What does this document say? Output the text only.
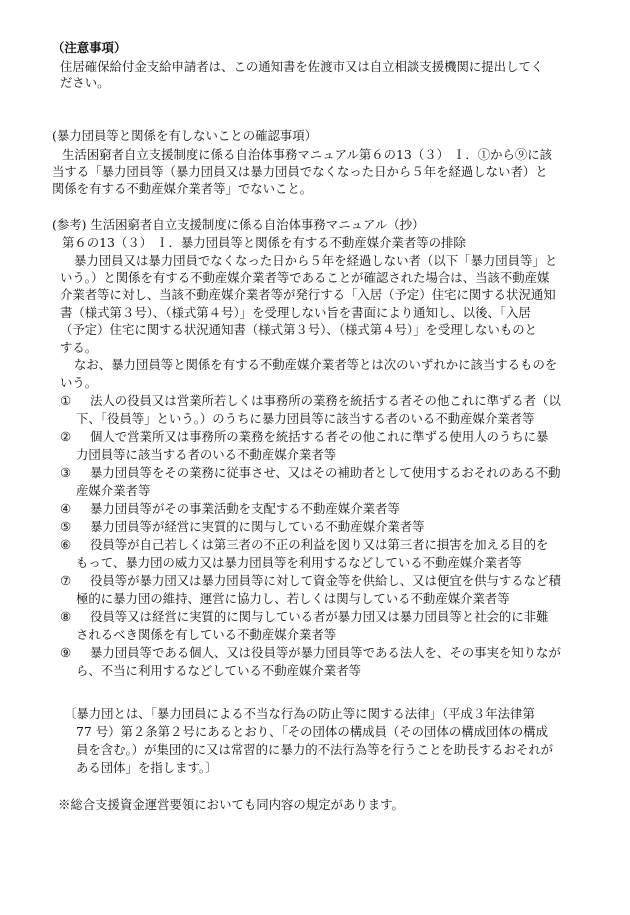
（注意事項）
住居確保給付金支給申請者は、この通知書を佐渡市又は自立相談支援機関に提出してく
ださい。
(暴力団員等と関係を有しないことの確認事項）
生活困窮者自立支援制度に係る自治体事務マニュアル第６の13（３） Ｉ．①から⑨に該
当する「暴力団員等（暴力団員又は暴力団員でなくなった日から５年を経過しない者）と
関係を有する不動産媒介業者等」でないこと。
(参考) 生活困窮者自立支援制度に係る自治体事務マニュアル（抄）
第６の13（３） Ｉ．暴力団員等と関係を有する不動産媒介業者等の排除
暴力団員又は暴力団員でなくなった日から５年を経過しない者（以下「暴力団員等」と
いう。）と関係を有する不動産媒介業者等であることが確認された場合は、当該不動産媒
介業者等に対し、当該不動産媒介業者等が発行する「入居（予定）住宅に関する状況通知
書（様式第３号）、（様式第４号）」を受理しない旨を書面により通知し、以後、「入居
（予定）住宅に関する状況通知書（様式第３号）、（様式第４号）」を受理しないものと
する。
なお、暴力団員等と関係を有する不動産媒介業者等とは次のいずれかに該当するものを
いう。
① 法人の役員又は営業所若しくは事務所の業務を統括する者その他これに準ずる者（以
下、「役員等」という。）のうちに暴力団員等に該当する者のいる不動産媒介業者等
② 個人で営業所又は事務所の業務を統括する者その他これに準ずる使用人のうちに暴
力団員等に該当する者のいる不動産媒介業者等
③ 暴力団員等をその業務に従事させ、又はその補助者として使用するおそれのある不動
産媒介業者等
④ 暴力団員等がその事業活動を支配する不動産媒介業者等
⑤ 暴力団員等が経営に実質的に関与している不動産媒介業者等
⑥ 役員等が自己若しくは第三者の不正の利益を図り又は第三者に損害を加える目的を
もって、暴力団の威力又は暴力団員等を利用するなどしている不動産媒介業者等
⑦ 役員等が暴力団又は暴力団員等に対して資金等を供給し、又は便宜を供与するなど積
極的に暴力団の維持、運営に協力し、若しくは関与している不動産媒介業者等
⑧ 役員等又は経営に実質的に関与している者が暴力団又は暴力団員等と社会的に非難
されるべき関係を有している不動産媒介業者等
⑨ 暴力団員等である個人、又は役員等が暴力団員等である法人を、その事実を知りなが
ら、不当に利用するなどしている不動産媒介業者等
〔暴力団とは、「暴力団員による不当な行為の防止等に関する法律」（平成３年法律第
77 号）第２条第２号にあるとおり、「その団体の構成員（その団体の構成団体の構成
員を含む。）が集団的に又は常習的に暴力的不法行為等を行うことを助長するおそれが
ある団体」を指します。〕
※総合支援資金運営要領においても同内容の規定があります。
